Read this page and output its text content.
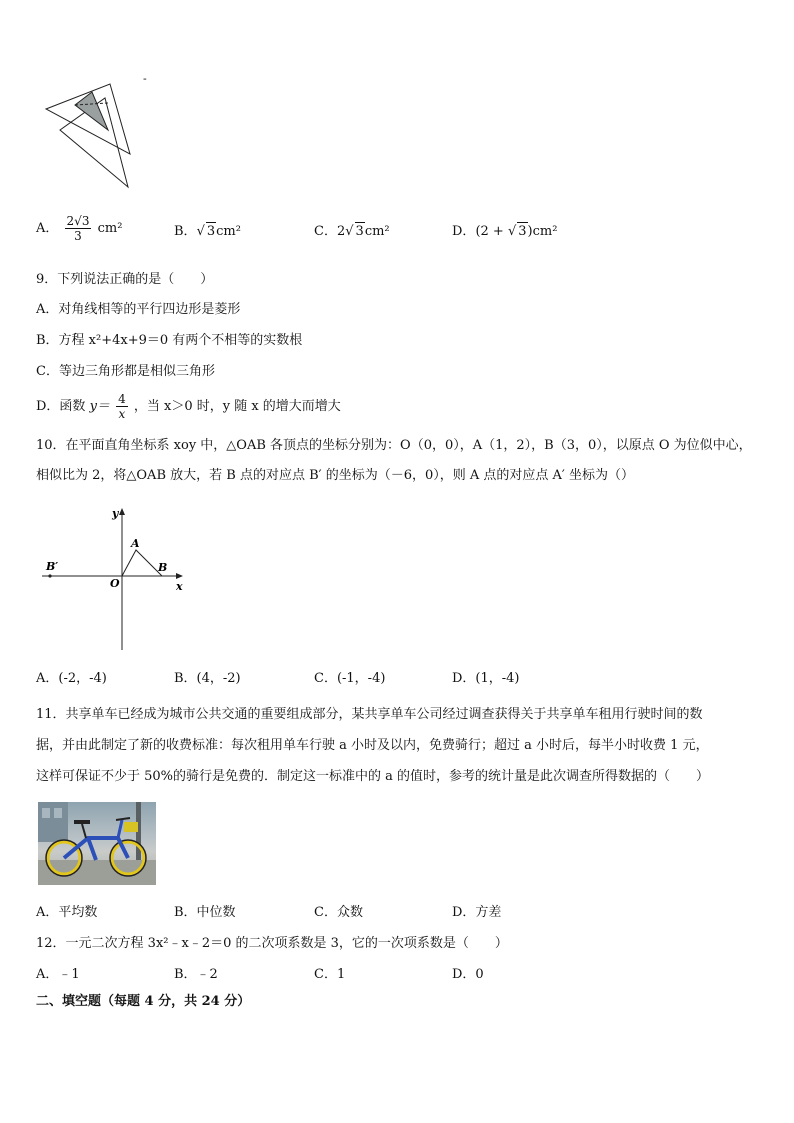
-
A． $\frac{2√3}{3} cm^2$	B．√ 3cm²	C．2√ 3cm²	D．(2 + √ 3)cm²
9．下列说法正确的是（　　）
A．对角线相等的平行四边形是菱形
B．方程 x²+4x+9＝0 有两个不相等的实数根
C．等边三角形都是相似三角形
D．函数 $y= \frac{4}{x}$ ，当 x＞0 时，y 随 x 的增大而增大
10．在平面直角坐标系 xoy 中，△OAB 各顶点的坐标分别为：O（0，0），A（1，2），B（3，0），以原点 O 为位似中心，
相似比为 2，将△OAB 放大，若 B 点的对应点 B′ 的坐标为（－6，0），则 A 点的对应点 A′ 坐标为（）
y
x
O
A
B
B′
A．(-2，-4)	B．(4，-2)	C．(-1，-4)	D．(1，-4)
11．共享单车已经成为城市公共交通的重要组成部分，某共享单车公司经过调查获得关于共享单车租用行驶时间的数
据，并由此制定了新的收费标准：每次租用单车行驶 a 小时及以内，免费骑行；超过 a 小时后，每半小时收费 1 元，
这样可保证不少于 50%的骑行是免费的．制定这一标准中的 a 的值时，参考的统计量是此次调查所得数据的（　　）
A．平均数	B．中位数	C．众数	D．方差
12．一元二次方程 3x²﹣x﹣2＝0 的二次项系数是 3，它的一次项系数是（　　）
A．﹣1	B．﹣2	C．1	D．0
二、填空题（每题 4 分，共 24 分）
